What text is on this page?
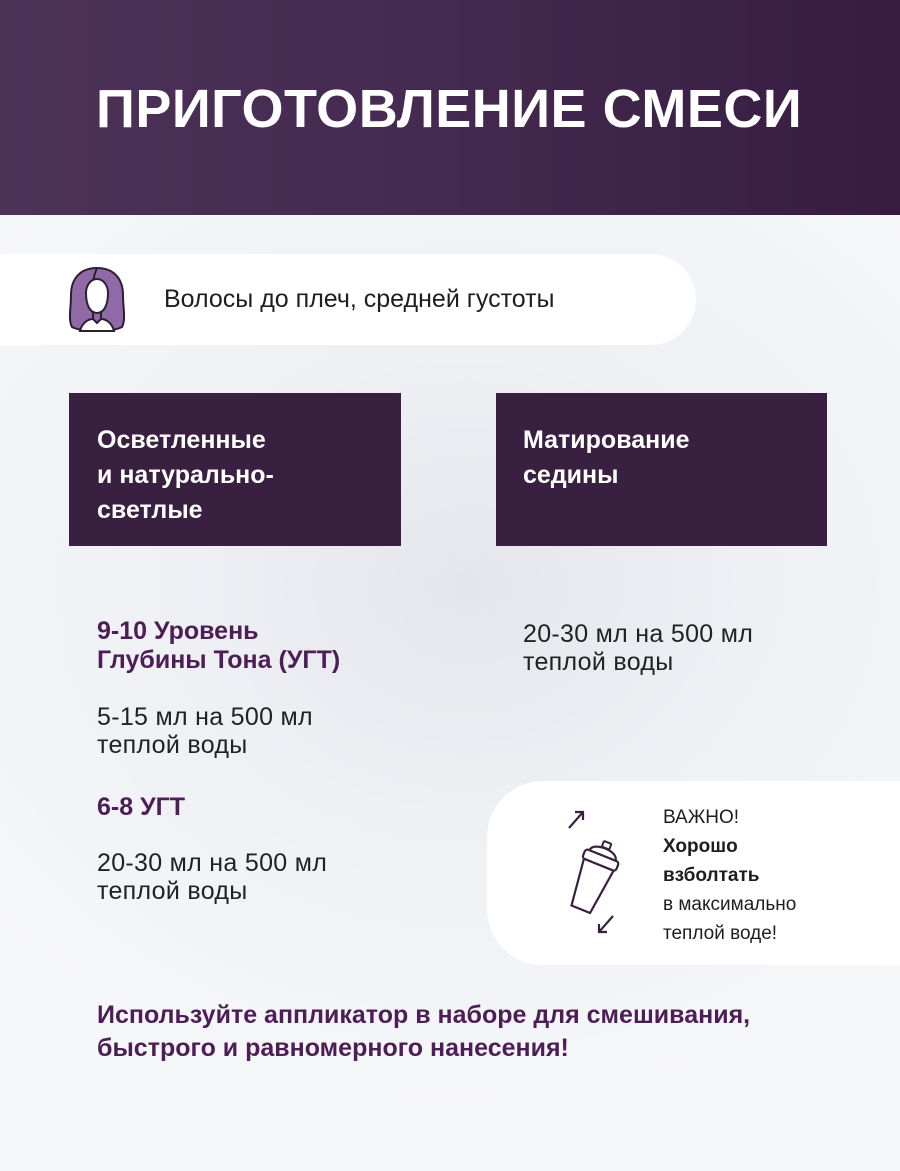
ПРИГОТОВЛЕНИЕ СМЕСИ
Волосы до плеч, средней густоты
Осветленные
и натурально-
светлые
Матирование
седины
9-10 Уровень
Глубины Тона (УГТ)
5-15 мл на 500 мл
теплой воды
6-8 УГТ
20-30 мл на 500 мл
теплой воды
20-30 мл на 500 мл
теплой воды
ВАЖНО!
Хорошо
взболтать
в максимально
теплой воде!
Используйте аппликатор в наборе для смешивания,
быстрого и равномерного нанесения!
